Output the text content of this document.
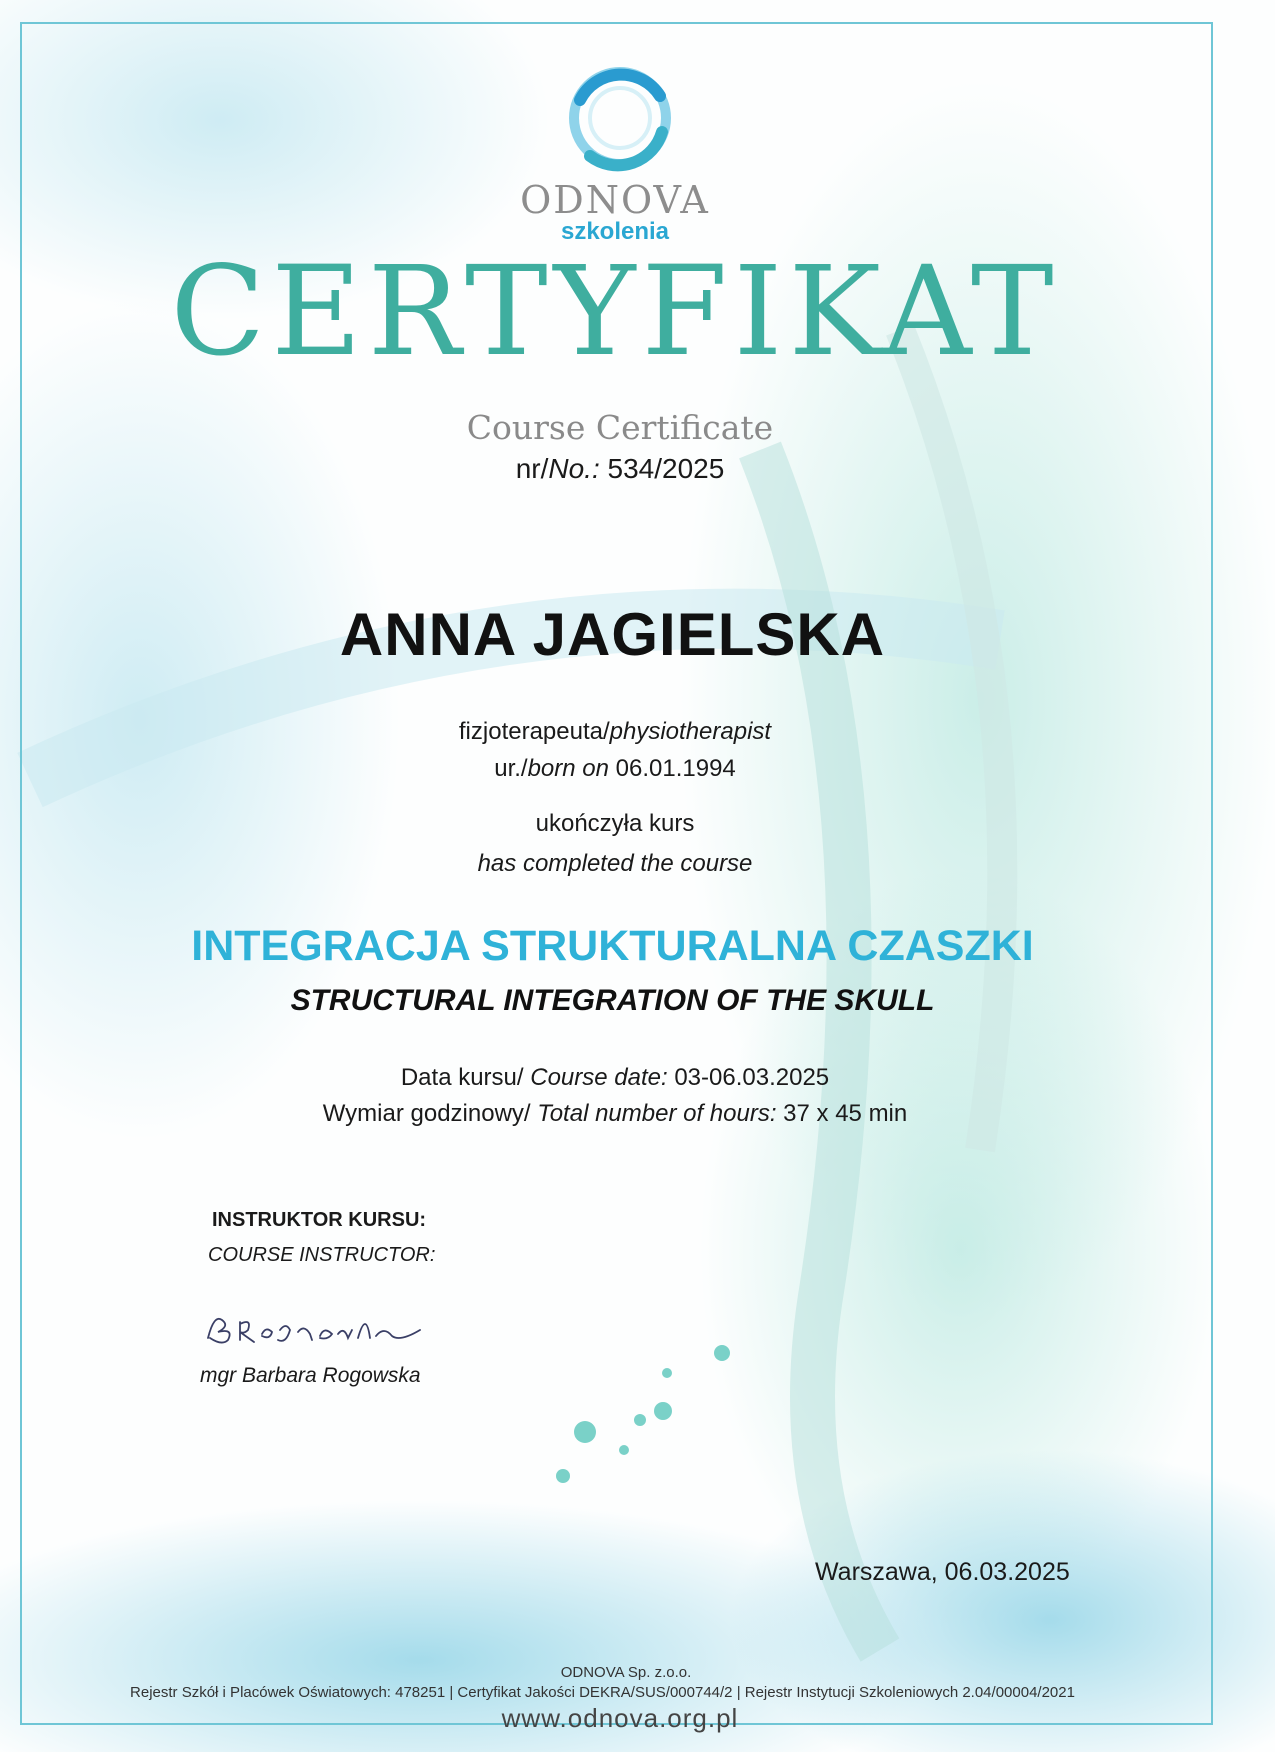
ODNOVA
szkolenia
CERTYFIKAT
Course Certificate
nr/No.: 534/2025
ANNA JAGIELSKA
fizjoterapeuta/physiotherapist
ur./born on 06.01.1994
ukończyła kurs
has completed the course
INTEGRACJA STRUKTURALNA CZASZKI
STRUCTURAL INTEGRATION OF THE SKULL
Data kursu/ Course date: 03-06.03.2025
Wymiar godzinowy/ Total number of hours: 37 x 45 min
INSTRUKTOR KURSU:
COURSE INSTRUCTOR:
mgr Barbara Rogowska
Warszawa, 06.03.2025
ODNOVA Sp. z.o.o.
Rejestr Szkół i Placówek Oświatowych: 478251 | Certyfikat Jakości DEKRA/SUS/000744/2 | Rejestr Instytucji Szkoleniowych 2.04/00004/2021
www.odnova.org.pl
